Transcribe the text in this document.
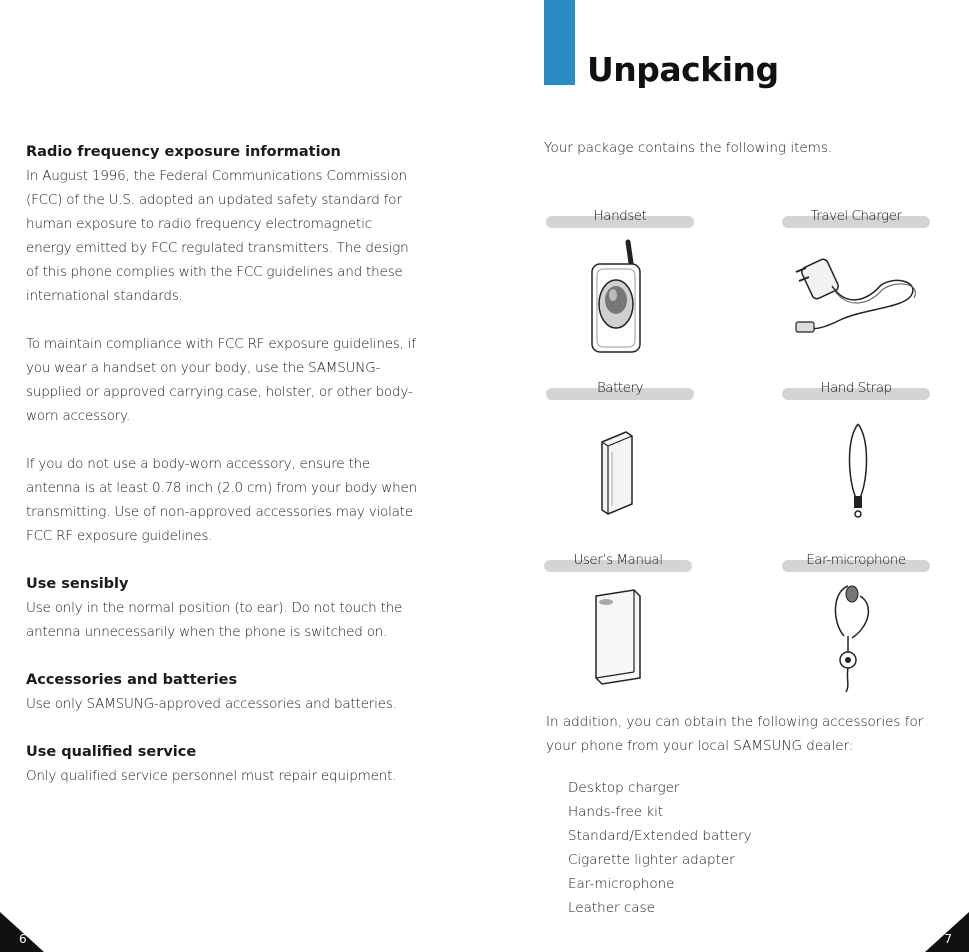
Radio frequency exposure information

In August 1996, the Federal Communications Commission (FCC) of the U.S. adopted an updated safety standard for human exposure to radio frequency electromagnetic energy emitted by FCC regulated transmitters. The design of this phone complies with the FCC guidelines and these international standards.

To maintain compliance with FCC RF exposure guidelines, if you wear a handset on your body, use the SAMSUNG-supplied or approved carrying case, holster, or other body-worn accessory.

If you do not use a body-worn accessory, ensure the antenna is at least 0.78 inch (2.0 cm) from your body when transmitting. Use of non-approved accessories may violate FCC RF exposure guidelines.

Use sensibly

Use only in the normal position (to ear). Do not touch the antenna unnecessarily when the phone is switched on.

Accessories and batteries

Use only SAMSUNG-approved accessories and batteries.

Use qualified service

Only qualified service personnel must repair equipment.

6
Unpacking
Your package contains the following items.
Handset	Travel Charger
Battery	Hand Strap
User’s Manual	Ear-microphone
In addition, you can obtain the following accessories for your phone from your local SAMSUNG dealer:
Desktop charger
Hands-free kit
Standard/Extended battery
Cigarette lighter adapter
Ear-microphone
Leather case
7
